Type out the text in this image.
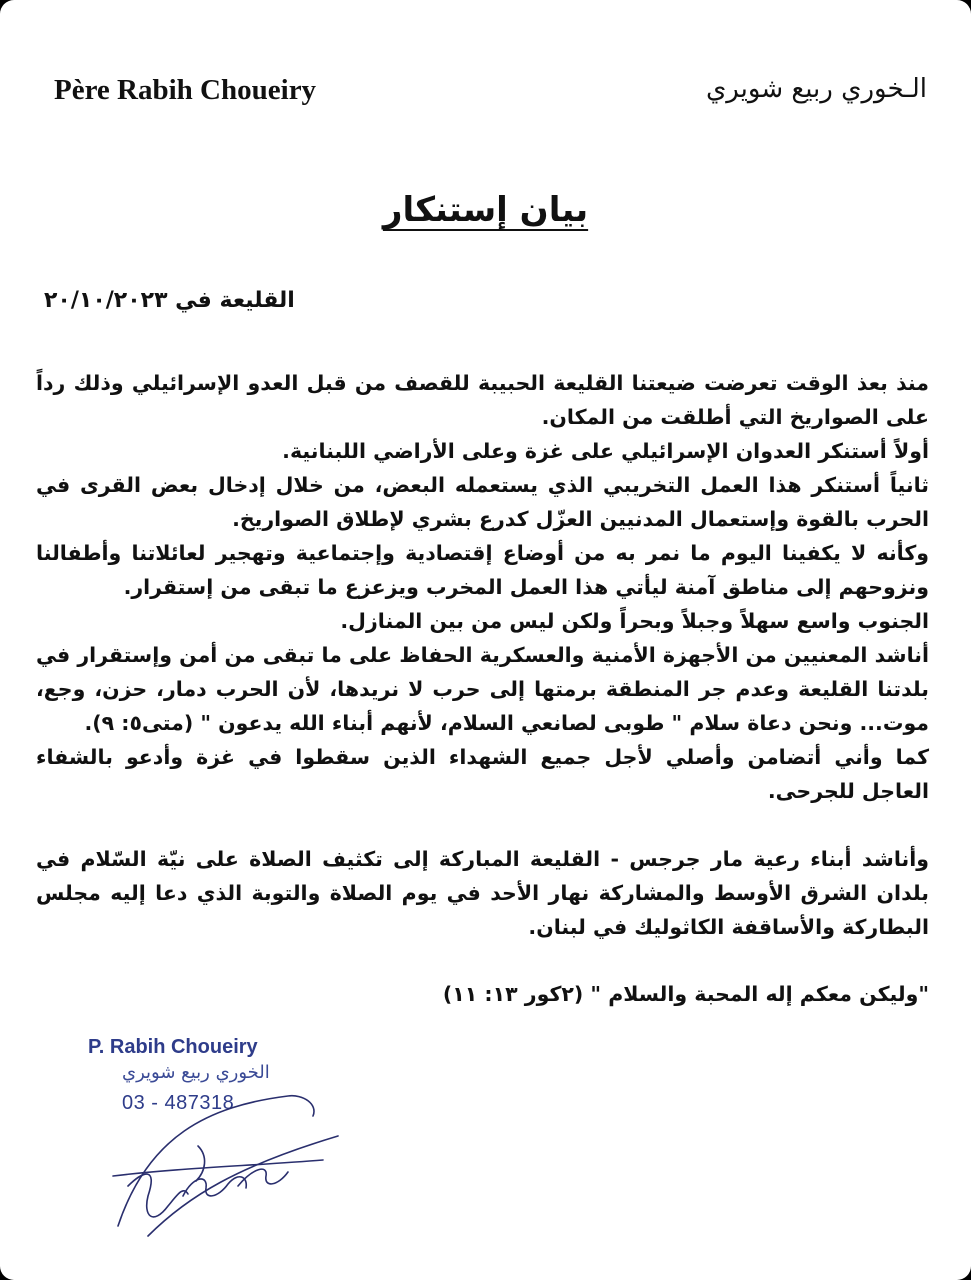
Père Rabih Choueiry	الـخوري ربيع شويري
بيان إستنكار
القليعة في ٢٠/١٠/٢٠٢٣

منذ بعذ الوقت تعرضت ضيعتنا القليعة الحبيبة للقصف من قبل العدو الإسرائيلي وذلك رداً على الصواريخ التي أطلقت من المكان.

أولاً أستنكر العدوان الإسرائيلي على غزة وعلى الأراضي اللبنانية.

ثانياً أستنكر هذا العمل التخريبي الذي يستعمله البعض، من خلال إدخال بعض القرى في الحرب بالقوة وإستعمال المدنيين العزّل كدرع بشري لإطلاق الصواريخ.

وكأنه لا يكفينا اليوم ما نمر به من أوضاع إقتصادية وإجتماعية وتهجير لعائلاتنا وأطفالنا ونزوحهم إلى مناطق آمنة ليأتي هذا العمل المخرب ويزعزع ما تبقى من إستقرار.

الجنوب واسع سهلاً وجبلاً وبحراً ولكن ليس من بين المنازل.

أناشد المعنيين من الأجهزة الأمنية والعسكرية الحفاظ على ما تبقى من أمن وإستقرار في بلدتنا القليعة وعدم جر المنطقة برمتها إلى حرب لا نريدها، لأن الحرب دمار، حزن، وجع، موت... ونحن دعاة سلام " طوبى لصانعي السلام، لأنهم أبناء الله يدعون " (متى٥: ٩).

كما وأني أتضامن وأصلي لأجل جميع الشهداء الذين سقطوا في غزة وأدعو بالشفاء العاجل للجرحى.

وأناشد أبناء رعية مار جرجس - القليعة المباركة إلى تكثيف الصلاة على نيّة السّلام في بلدان الشرق الأوسط والمشاركة نهار الأحد في يوم الصلاة والتوبة الذي دعا إليه مجلس البطاركة والأساقفة الكاثوليك في لبنان.

"وليكن معكم إله المحبة والسلام " (٢كور ١٣: ١١)
P. Rabih Choueiry
الخوري ربيع شويري
03 - 487318
